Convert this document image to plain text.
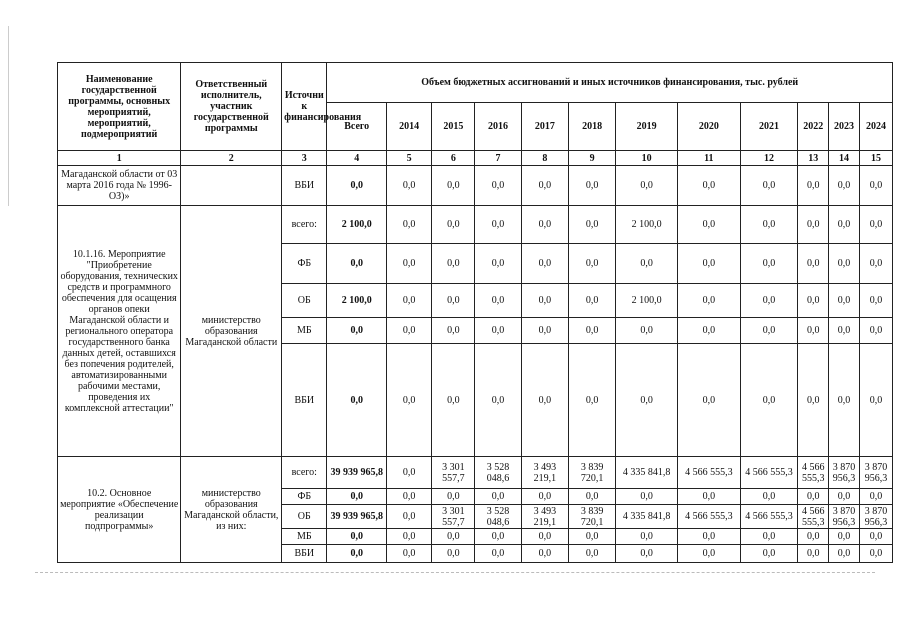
Наименование государственной программы, основных мероприятий, мероприятий, подмероприятий	Ответственный исполнитель, участник государственной программы	Источни к финансирования	Объем бюджетных ассигнований и иных источников финансирования, тыс. рублей											
			Всего	2014	2015	2016	2017	2018	2019	2020	2021	2022	2023	2024
1	2	3	4	5	6	7	8	9	10	11	12	13	14	15
Магаданской области от 03 марта 2016 года № 1996-ОЗ)»		ВБИ	0,0	0,0	0,0	0,0	0,0	0,0	0,0	0,0	0,0	0,0	0,0	0,0
10.1.16. Мероприятие "Приобретение оборудования, технических средств и программного обеспечения для осащения органов опеки Магаданской области и регионального оператора государственного банка данных детей, оставшихся без попечения родителей, автоматизированными рабочими местами, проведения их комплексной аттестации"	министерство образования Магаданской области	всего:	2 100,0	0,0	0,0	0,0	0,0	0,0	2 100,0	0,0	0,0	0,0	0,0	0,0
		ФБ	0,0	0,0	0,0	0,0	0,0	0,0	0,0	0,0	0,0	0,0	0,0	0,0
		ОБ	2 100,0	0,0	0,0	0,0	0,0	0,0	2 100,0	0,0	0,0	0,0	0,0	0,0
		МБ	0,0	0,0	0,0	0,0	0,0	0,0	0,0	0,0	0,0	0,0	0,0	0,0
		ВБИ	0,0	0,0	0,0	0,0	0,0	0,0	0,0	0,0	0,0	0,0	0,0	0,0
10.2. Основное мероприятие «Обеспечение реализации подпрограммы»	министерство образования Магаданской области, из них:	всего:	39 939 965,8	0,0	3 301 557,7	3 528 048,6	3 493 219,1	3 839 720,1	4 335 841,8	4 566 555,3	4 566 555,3	4 566 555,3	3 870 956,3	3 870 956,3
		ФБ	0,0	0,0	0,0	0,0	0,0	0,0	0,0	0,0	0,0	0,0	0,0	0,0
		ОБ	39 939 965,8	0,0	3 301 557,7	3 528 048,6	3 493 219,1	3 839 720,1	4 335 841,8	4 566 555,3	4 566 555,3	4 566 555,3	3 870 956,3	3 870 956,3
		МБ	0,0	0,0	0,0	0,0	0,0	0,0	0,0	0,0	0,0	0,0	0,0	0,0
		ВБИ	0,0	0,0	0,0	0,0	0,0	0,0	0,0	0,0	0,0	0,0	0,0	0,0
